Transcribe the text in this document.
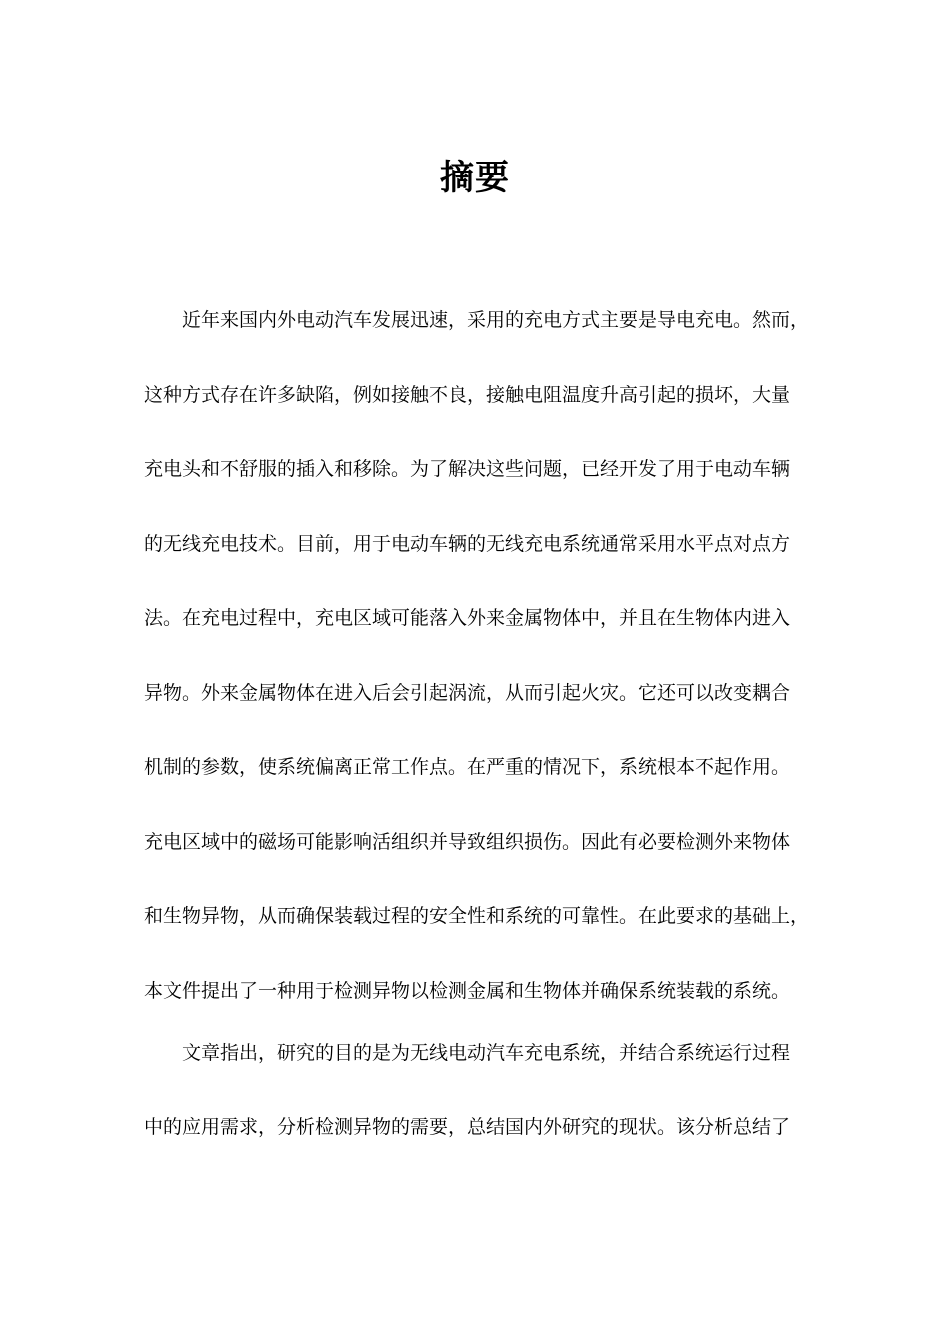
摘要
近年来国内外电动汽车发展迅速，采用的充电方式主要是导电充电。然而，
这种方式存在许多缺陷，例如接触不良，接触电阻温度升高引起的损坏，大量
充电头和不舒服的插入和移除。为了解决这些问题，已经开发了用于电动车辆
的无线充电技术。目前，用于电动车辆的无线充电系统通常采用水平点对点方
法。在充电过程中，充电区域可能落入外来金属物体中，并且在生物体内进入
异物。外来金属物体在进入后会引起涡流，从而引起火灾。它还可以改变耦合
机制的参数，使系统偏离正常工作点。在严重的情况下，系统根本不起作用。
充电区域中的磁场可能影响活组织并导致组织损伤。因此有必要检测外来物体
和生物异物，从而确保装载过程的安全性和系统的可靠性。在此要求的基础上，
本文件提出了一种用于检测异物以检测金属和生物体并确保系统装载的系统。
文章指出，研究的目的是为无线电动汽车充电系统，并结合系统运行过程
中的应用需求，分析检测异物的需要，总结国内外研究的现状。该分析总结了
